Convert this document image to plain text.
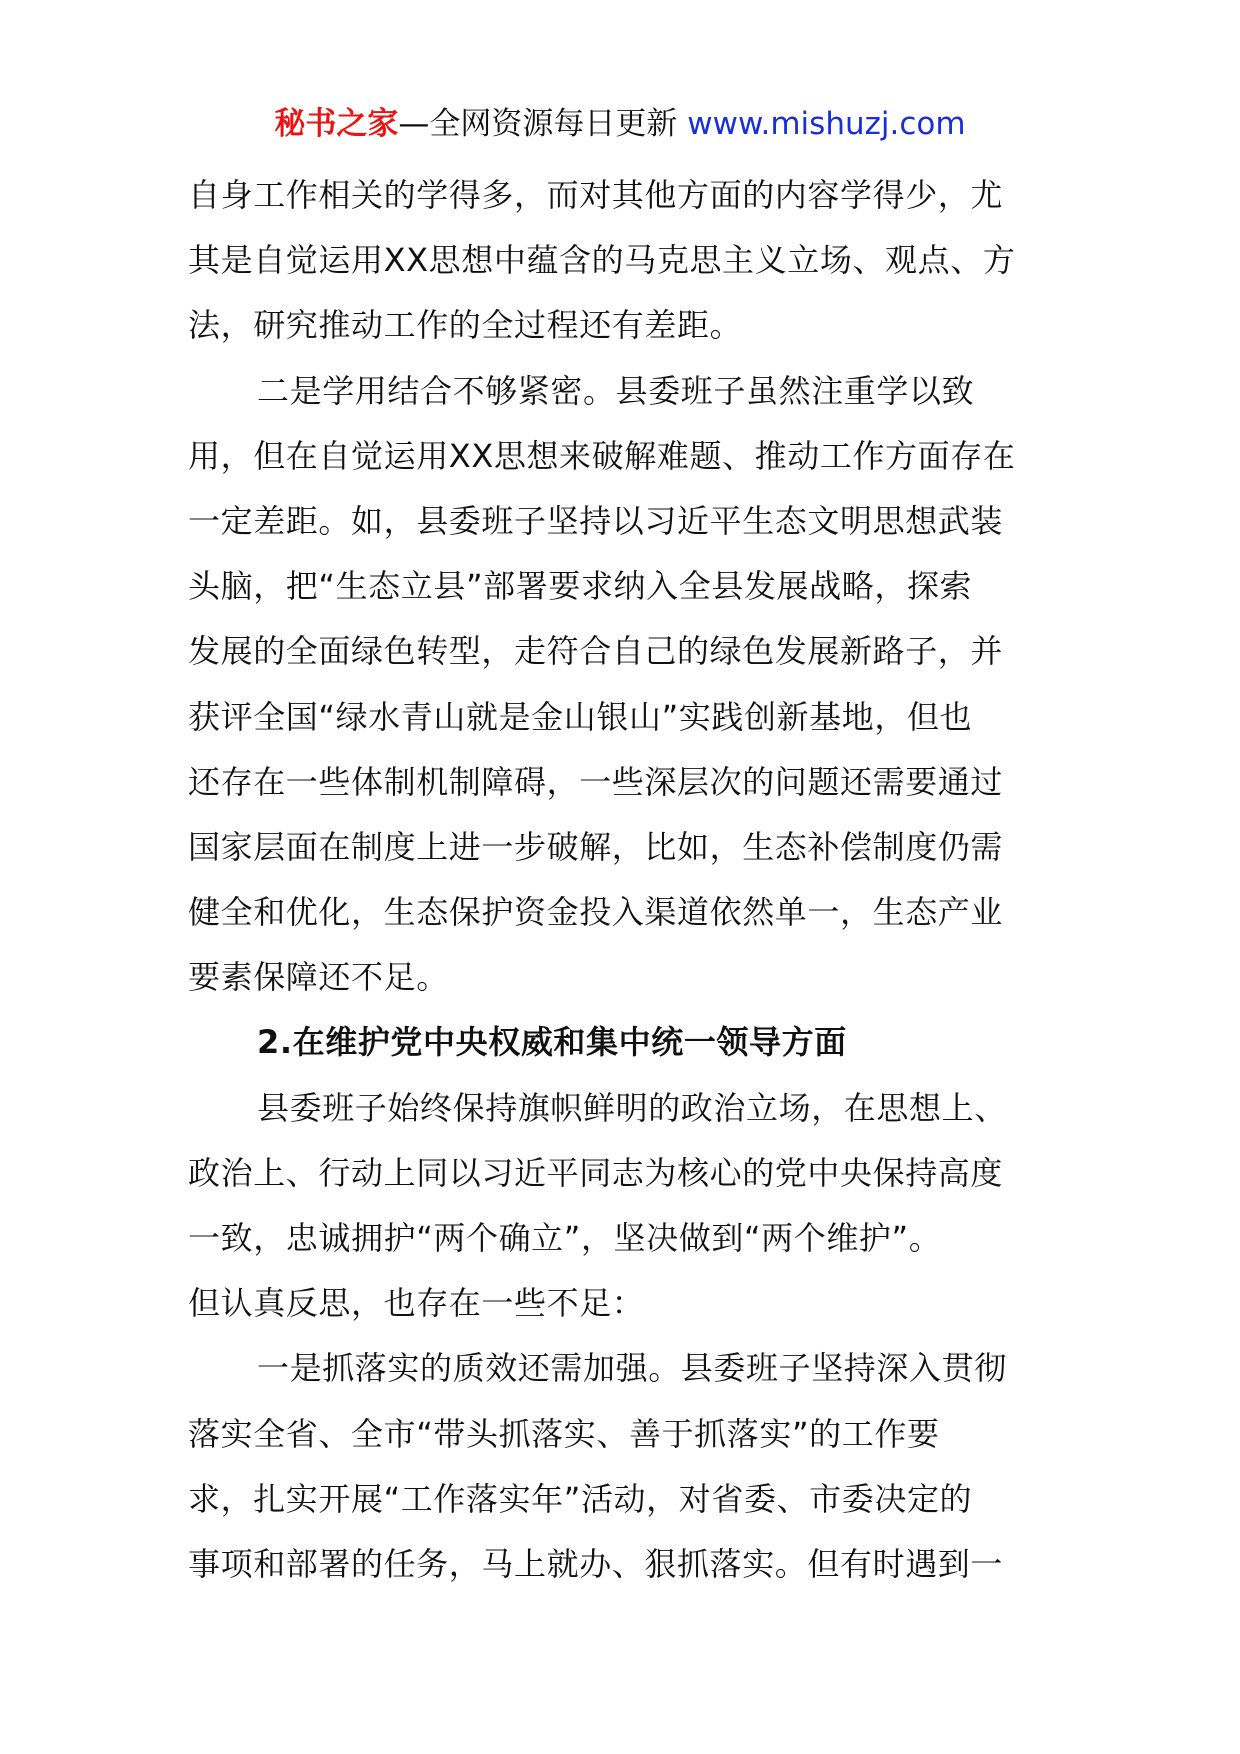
秘书之家—全网资源每日更新 www.mishuzj.com
自身工作相关的学得多，而对其他方面的内容学得少，尤
其是自觉运用XX思想中蕴含的马克思主义立场、观点、方
法，研究推动工作的全过程还有差距。
二是学用结合不够紧密。县委班子虽然注重学以致
用，但在自觉运用XX思想来破解难题、推动工作方面存在
一定差距。如，县委班子坚持以习近平生态文明思想武装
头脑，把“生态立县”部署要求纳入全县发展战略，探索
发展的全面绿色转型，走符合自己的绿色发展新路子，并
获评全国“绿水青山就是金山银山”实践创新基地，但也
还存在一些体制机制障碍，一些深层次的问题还需要通过
国家层面在制度上进一步破解，比如，生态补偿制度仍需
健全和优化，生态保护资金投入渠道依然单一，生态产业
要素保障还不足。
2.在维护党中央权威和集中统一领导方面
县委班子始终保持旗帜鲜明的政治立场，在思想上、
政治上、行动上同以习近平同志为核心的党中央保持高度
一致，忠诚拥护“两个确立”，坚决做到“两个维护”。
但认真反思，也存在一些不足：
一是抓落实的质效还需加强。县委班子坚持深入贯彻
落实全省、全市“带头抓落实、善于抓落实”的工作要
求，扎实开展“工作落实年”活动，对省委、市委决定的
事项和部署的任务，马上就办、狠抓落实。但有时遇到一
